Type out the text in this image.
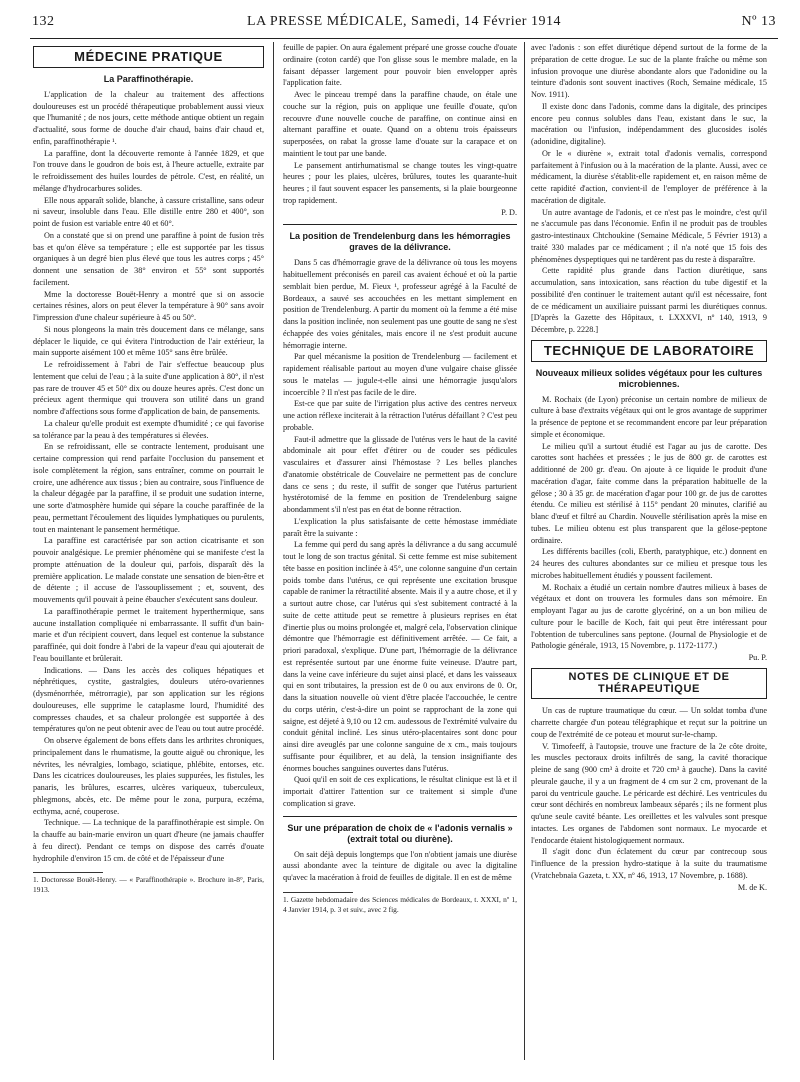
132	LA PRESSE MÉDICALE, Samedi, 14 Février 1914	Nº 13
MÉDECINE PRATIQUE
La Paraffinothérapie.

L'application de la chaleur au traitement des affections douloureuses est un procédé thérapeutique probablement aussi vieux que l'humanité ; de nos jours, cette méthode antique obtient un regain d'actualité, sous forme de douche d'air chaud, bains d'air chaud et, enfin, paraffinothérapie ¹.

La paraffine, dont la découverte remonte à l'année 1829, et que l'on trouve dans le goudron de bois est, à l'heure actuelle, extraite par le refroidissement des huiles lourdes de pétrole. C'est, en réalité, un mélange d'hydrocarbures solides.

Elle nous apparaît solide, blanche, à cassure cristalline, sans odeur ni saveur, insoluble dans l'eau. Elle distille entre 280 et 400°, son point de fusion est variable entre 40 et 60°.

On a constaté que si on prend une paraffine à point de fusion très bas et qu'on élève sa température ; elle est supportée par les tissus organiques à un degré bien plus élevé que tous les autres corps ; 45° donnent une sensation de 38° environ et 55° sont supportés facilement.

Mme la doctoresse Bouët-Henry a montré que si on associe certaines résines, alors on peut élever la température à 90° sans avoir l'impression d'une chaleur supérieure à 45 ou 50°.

Si nous plongeons la main très doucement dans ce mélange, sans déplacer le liquide, ce qui évitera l'introduction de l'air extérieur, la main supporte aisément 100 et même 105° sans être brûlée.

Le refroidissement à l'abri de l'air s'effectue beaucoup plus lentement que celui de l'eau ; à la suite d'une application à 80°, il n'est pas rare de trouver 45 et 50° dix ou douze heures après. C'est donc un précieux agent thermique qui trouvera son utilité dans un grand nombre d'affections sous forme d'application de bain, de pansements.

La chaleur qu'elle produit est exempte d'humidité ; ce qui favorise sa tolérance par la peau à des températures si élevées.

En se refroidissant, elle se contracte lentement, produisant une certaine compression qui rend parfaite l'occlusion du pansement et isole complètement la région, sans entraîner, comme on pourrait le croire, une adhérence aux tissus ; bien au contraire, sous l'influence de la chaleur dégagée par la paraffine, il se produit une sudation interne, une sorte d'atmosphère humide qui sépare la couche paraffinée de la peau, permettant l'écoulement des liquides lymphatiques ou purulents, tout en maintenant le pansement hermétique.

La paraffine est caractérisée par son action cicatrisante et son pouvoir analgésique. Le premier phénomène qui se manifeste c'est la prompte atténuation de la douleur qui, parfois, disparaît dès la première application. Le malade constate une sensation de bien-être et de détente ; il accuse de l'assouplissement ; et, souvent, des mouvements qu'il pouvait à peine ébaucher s'exécutent sans douleur.

La paraffinothérapie permet le traitement hyperthermique, sans aucune installation compliquée ni embarrassante. Il suffit d'un bain-marie et d'un récipient couvert, dans lequel est contenue la substance paraffinée, qui doit fondre à l'abri de la vapeur d'eau qui ajouterait de l'eau bouillante et brûlerait.

Indications. — Dans les accès des coliques hépatiques et néphrétiques, cystite, gastralgies, douleurs utéro-ovariennes (dysménorrhée, métrorragie), par son application sur les régions douloureuses, elle supprime le cataplasme lourd, l'humidité des compresses chaudes, et sa chaleur prolongée est supportée à des températures qu'on ne peut obtenir avec de l'eau ou tout autre procédé.

On observe également de bons effets dans les arthrites chroniques, principalement dans le rhumatisme, la goutte aiguë ou chronique, les névrites, les névralgies, lombago, sciatique, phlébite, entorses, etc. Dans les cicatrices douloureuses, les plaies suppurées, les fistules, les panaris, les brûlures, escarres, ulcères variqueux, tuberculeux, phlegmons, abcès, etc. De même pour le zona, purpura, eczéma, ecthyma, acné, couperose.

Technique. — La technique de la paraffinothérapie est simple. On la chauffe au bain-marie environ un quart d'heure (ne jamais chauffer à feu direct). Pendant ce temps on dispose des carrés d'ouate hydrophile d'environ 15 cm. de côté et de l'épaisseur d'une

1. Doctoresse Bouët-Henry. — « Paraffinothérapie ». Brochure in-8°, Paris, 1913.

feuille de papier. On aura également préparé une grosse couche d'ouate ordinaire (coton cardé) que l'on glisse sous le membre malade, en la faisant dépasser largement pour pouvoir bien envelopper après l'application faite.

Avec le pinceau trempé dans la paraffine chaude, on étale une couche sur la région, puis on applique une feuille d'ouate, qu'on recouvre d'une nouvelle couche de paraffine, on continue ainsi en alternant paraffine et ouate. Quand on a obtenu trois épaisseurs superposées, on rabat la grosse lame d'ouate sur la carapace et on maintient le tout par une bande.

Le pansement antirhumatismal se change toutes les vingt-quatre heures ; pour les plaies, ulcères, brûlures, toutes les quarante-huit heures ; il faut souvent espacer les pansements, si la plaie bourgeonne trop rapidement.

P. D.

La position de Trendelenburg dans les hémorragies graves de la délivrance.

Dans 5 cas d'hémorragie grave de la délivrance où tous les moyens habituellement préconisés en pareil cas avaient échoué et où la partie semblait bien perdue, M. Fieux ¹, professeur agrégé à la Faculté de Bordeaux, a sauvé ses accouchées en les mettant simplement en position de Trendelenburg. A partir du moment où la femme a été mise dans la position inclinée, non seulement pas une goutte de sang ne s'est échappée des voies génitales, mais encore il ne s'est produit aucune hémorragie interne.

Par quel mécanisme la position de Trendelenburg — facilement et rapidement réalisable partout au moyen d'une vulgaire chaise glissée sous le matelas — jugule-t-elle ainsi une hémorragie jusqu'alors incoercible ? Il n'est pas facile de le dire.

Est-ce que par suite de l'irrigation plus active des centres nerveux une action réflexe inciterait à la rétraction l'utérus défaillant ? C'est peu probable.

Faut-il admettre que la glissade de l'utérus vers le haut de la cavité abdominale ait pour effet d'étirer ou de couder ses pédicules vasculaires et d'assurer ainsi l'hémostase ? Les belles planches d'anatomie obstétricale de Couvelaire ne permettent pas de conclure dans ce sens ; du reste, il suffit de songer que l'utérus parturient hystérotomisé de la femme en position de Trendelenburg saigne abondamment s'il n'est pas en état de bonne rétraction.

L'explication la plus satisfaisante de cette hémostase immédiate paraît être la suivante :

La femme qui perd du sang après la délivrance a du sang accumulé tout le long de son tractus génital. Si cette femme est mise subitement tête basse en position inclinée à 45°, une colonne sanguine d'un certain poids tombe dans l'utérus, ce qui représente une excitation brusque capable de ranimer la rétractilité absente. Mais il y a autre chose, et il y a surtout autre chose, car l'utérus qui s'est subitement contracté à la suite de cette attitude peut se remettre à plusieurs reprises en état d'inertie plus ou moins prolongée et, malgré cela, l'observation clinique démontre que l'hémorragie est définitivement arrêtée. — Ce fait, a priori paradoxal, s'explique. D'une part, l'hémorragie de la délivrance est représentée surtout par une énorme fuite veineuse. D'autre part, dans la veine cave inférieure du sujet ainsi placé, et dans les vaisseaux qui en sont tributaires, la pression est de 0 ou aux environs de 0. Or, dans la situation nouvelle où vient d'être placée l'accouchée, le centre du corps utérin, c'est-à-dire un point se rapprochant de la zone qui saigne, est déjeté à 9,10 ou 12 cm. audessous de l'extrémité vulvaire du conduit génital incliné. Les sinus utéro-placentaires sont donc pour ainsi dire aveuglés par une colonne sanguine de x cm., mais toujours suffisante pour équilibrer, et au delà, la tension insignifiante des énormes bouches sanguines ouvertes dans l'utérus.

Quoi qu'il en soit de ces explications, le résultat clinique est là et il importait d'attirer l'attention sur ce traitement si simple d'une complication si grave.

Sur une préparation de choix de « l'adonis vernalis » (extrait total ou diurène).

On sait déjà depuis longtemps que l'on n'obtient jamais une diurèse aussi abondante avec la teinture de digitale ou avec la digitaline qu'avec la macération à froid de feuilles de digitale. Il en est de même

1. Gazette hebdomadaire des Sciences médicales de Bordeaux, t. XXXI, nº 1, 4 Janvier 1914, p. 3 et suiv., avec 2 fig.

avec l'adonis : son effet diurétique dépend surtout de la forme de la préparation de cette drogue. Le suc de la plante fraîche ou même son infusion provoque une diurèse abondante alors que l'adonidine ou la teinture d'adonis sont souvent inactives (Roch, Semaine médicale, 15 Nov. 1911).

Il existe donc dans l'adonis, comme dans la digitale, des principes encore peu connus solubles dans l'eau, existant dans le suc, la macération ou l'infusion, indépendamment des glucosides isolés (adonidine, digitaline).

Or le « diurène », extrait total d'adonis vernalis, correspond parfaitement à l'infusion ou à la macération de la plante. Aussi, avec ce médicament, la diurèse s'établit-elle rapidement et, en raison même de cette rapidité d'action, convient-il de l'employer de préférence à la macération de digitale.

Un autre avantage de l'adonis, et ce n'est pas le moindre, c'est qu'il ne s'accumule pas dans l'économie. Enfin il ne produit pas de troubles gastro-intestinaux Chtchoukine (Semaine Médicale, 5 Février 1913) a traité 330 malades par ce médicament ; il n'a noté que 15 fois des phénomènes dyspeptiques qui ne tardèrent pas du reste à disparaître.

Cette rapidité plus grande dans l'action diurétique, sans accumulation, sans intoxication, sans réaction du tube digestif et la possibilité d'en continuer le traitement autant qu'il est nécessaire, font de ce médicament un auxiliaire puissant parmi les diurétiques connus. [D'après la Gazette des Hôpitaux, t. LXXXVI, nº 140, 1913, 9 Décembre, p. 2228.]

TECHNIQUE DE LABORATOIRE
Nouveaux milieux solides végétaux pour les cultures microbiennes.

M. Rochaix (de Lyon) préconise un certain nombre de milieux de culture à base d'extraits végétaux qui ont le gros avantage de supprimer la présence de peptone et se recommandent encore par leur préparation simple et économique.

Le milieu qu'il a surtout étudié est l'agar au jus de carotte. Des carottes sont hachées et pressées ; le jus de 800 gr. de carottes est additionné de 200 gr. d'eau. On ajoute à ce liquide le produit d'une macération d'agar, faite comme dans la préparation habituelle de la gélose ; 30 à 35 gr. de macération d'agar pour 100 gr. de jus de carottes étendu. Ce milieu est stérilisé à 115° pendant 20 minutes, clarifié au blanc d'œuf et filtré au Chardin. Nouvelle stérilisation après la mise en tubes. Le milieu obtenu est plus transparent que la gélose-peptone ordinaire.

Les différents bacilles (coli, Eberth, paratyphique, etc.) donnent en 24 heures des cultures abondantes sur ce milieu et presque tous les microbes habituellement étudiés y poussent facilement.

M. Rochaix a étudié un certain nombre d'autres milieux à bases de végétaux et dont on trouvera les formules dans son mémoire. En employant l'agar au jus de carotte glycériné, on a un bon milieu de culture pour le bacille de Koch, fait qui peut être intéressant pour l'obtention de tuberculines sans peptone. (Journal de Physiologie et de Pathologie générale, 1913, 15 Novembre, p. 1172-1177.)

Pu. P.

NOTES DE CLINIQUE ET DE THÉRAPEUTIQUE

Un cas de rupture traumatique du cœur. — Un soldat tomba d'une charrette chargée d'un poteau télégraphique et reçut sur la poitrine un coup de l'extrémité de ce poteau et mourut sur-le-champ.

V. Timofeeff, à l'autopsie, trouve une fracture de la 2e côte droite, les muscles pectoraux droits infiltrés de sang, la cavité thoracique pleine de sang (900 cm³ à droite et 720 cm³ à gauche). Dans la cavité pleurale gauche, il y a un fragment de 4 cm sur 2 cm, provenant de la paroi du ventricule gauche. Le péricarde est déchiré. Les ventricules du cœur sont déchirés en nombreux lambeaux séparés ; ils ne forment plus qu'une seule cavité béante. Les oreillettes et les valvules sont presque intactes. Les organes de l'abdomen sont normaux. Le myocarde et l'endocarde étaient histologiquement normaux.

Il s'agit donc d'un éclatement du cœur par contrecoup sous l'influence de la pression hydro-statique à la suite du traumatisme (Vratchebnaïa Gazeta, t. XX, nº 46, 1913, 17 Novembre, p. 1688).

M. de K.
